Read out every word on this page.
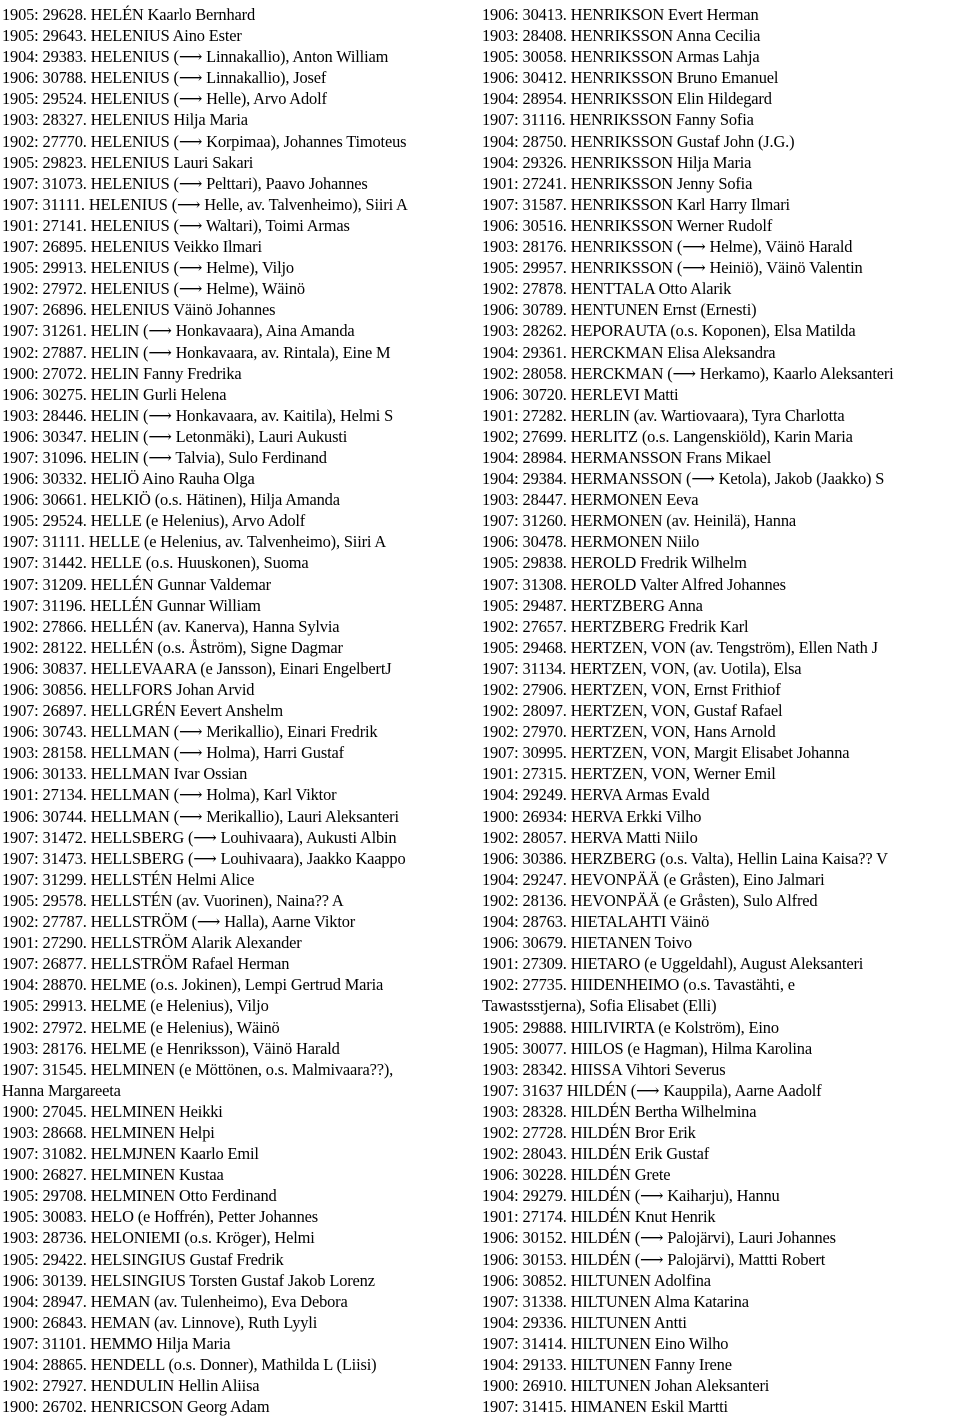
1905: 29628. HELÉN Kaarlo Bernhard
1905: 29643. HELENIUS Aino Ester
1904: 29383. HELENIUS (⟶ Linnakallio), Anton William
1906: 30788. HELENIUS (⟶ Linnakallio), Josef
1905: 29524. HELENIUS (⟶ Helle), Arvo Adolf
1903: 28327. HELENIUS Hilja Maria
1902: 27770. HELENIUS (⟶ Korpimaa), Johannes Timoteus
1905: 29823. HELENIUS Lauri Sakari
1907: 31073. HELENIUS (⟶ Pelttari), Paavo Johannes
1907: 31111. HELENIUS (⟶ Helle, av. Talvenheimo), Siiri A
1901: 27141. HELENIUS (⟶ Waltari), Toimi Armas
1907: 26895. HELENIUS Veikko Ilmari
1905: 29913. HELENIUS (⟶ Helme), Viljo
1902: 27972. HELENIUS (⟶ Helme), Wäinö
1907: 26896. HELENIUS Väinö Johannes
1907: 31261. HELIN (⟶ Honkavaara), Aina Amanda
1902: 27887. HELIN (⟶ Honkavaara, av. Rintala), Eine M
1900: 27072. HELIN Fanny Fredrika
1906: 30275. HELIN Gurli Helena
1903: 28446. HELIN (⟶ Honkavaara, av. Kaitila), Helmi S
1906: 30347. HELIN (⟶ Letonmäki), Lauri Aukusti
1907: 31096. HELIN (⟶ Talvia), Sulo Ferdinand
1906: 30332. HELIÖ Aino Rauha Olga
1906: 30661. HELKIÖ (o.s. Hätinen), Hilja Amanda
1905: 29524. HELLE (e Helenius), Arvo Adolf
1907: 31111. HELLE (e Helenius, av. Talvenheimo), Siiri A
1907: 31442. HELLE (o.s. Huuskonen), Suoma
1907: 31209. HELLÉN Gunnar Valdemar
1907: 31196. HELLÉN Gunnar William
1902: 27866. HELLÉN (av. Kanerva), Hanna Sylvia
1902: 28122. HELLÉN (o.s. Åström), Signe Dagmar
1906: 30837. HELLEVAARA (e Jansson), Einari EngelbertJ
1906: 30856. HELLFORS Johan Arvid
1907: 26897. HELLGRÉN Eevert Anshelm
1906: 30743. HELLMAN (⟶ Merikallio), Einari Fredrik
1903: 28158. HELLMAN (⟶ Holma), Harri Gustaf
1906: 30133. HELLMAN Ivar Ossian
1901: 27134. HELLMAN (⟶ Holma), Karl Viktor
1906: 30744. HELLMAN (⟶ Merikallio), Lauri Aleksanteri
1907: 31472. HELLSBERG (⟶ Louhivaara), Aukusti Albin
1907: 31473. HELLSBERG (⟶ Louhivaara), Jaakko Kaappo
1907: 31299. HELLSTÉN Helmi Alice
1905: 29578. HELLSTÉN (av. Vuorinen), Naina?? A
1902: 27787. HELLSTRÖM (⟶ Halla), Aarne Viktor
1901: 27290. HELLSTRÖM Alarik Alexander
1907: 26877. HELLSTRÖM Rafael Herman
1904: 28870. HELME (o.s. Jokinen), Lempi Gertrud Maria
1905: 29913. HELME (e Helenius), Viljo
1902: 27972. HELME (e Helenius), Wäinö
1903: 28176. HELME (e Henriksson), Väinö Harald
1907: 31545. HELMINEN (e Möttönen, o.s. Malmivaara??),
Hanna Margareeta
1900: 27045. HELMINEN Heikki
1903: 28668. HELMINEN Helpi
1907: 31082. HELMJNEN Kaarlo Emil
1900: 26827. HELMINEN Kustaa
1905: 29708. HELMINEN Otto Ferdinand
1905: 30083. HELO (e Hoffrén), Petter Johannes
1903: 28736. HELONIEMI (o.s. Kröger), Helmi
1905: 29422. HELSINGIUS Gustaf Fredrik
1906: 30139. HELSINGIUS Torsten Gustaf Jakob Lorenz
1904: 28947. HEMAN (av. Tulenheimo), Eva Debora
1900: 26843. HEMAN (av. Linnove), Ruth Lyyli
1907: 31101. HEMMO Hilja Maria
1904: 28865. HENDELL (o.s. Donner), Mathilda L (Liisi)
1902: 27927. HENDULIN Hellin Aliisa
1900: 26702. HENRICSON Georg Adam
1906: 30413. HENRIKSON Evert Herman
1903: 28408. HENRIKSSON Anna Cecilia
1905: 30058. HENRIKSSON Armas Lahja
1906: 30412. HENRIKSSON Bruno Emanuel
1904: 28954. HENRIKSSON Elin Hildegard
1907: 31116. HENRIKSSON Fanny Sofia
1904: 28750. HENRIKSSON Gustaf John (J.G.)
1904: 29326. HENRIKSSON Hilja Maria
1901: 27241. HENRIKSSON Jenny Sofia
1907: 31587. HENRIKSSON Karl Harry Ilmari
1906: 30516. HENRIKSSON Werner Rudolf
1903: 28176. HENRIKSSON (⟶ Helme), Väinö Harald
1905: 29957. HENRIKSSON (⟶ Heiniö), Väinö Valentin
1902: 27878. HENTTALA Otto Alarik
1906: 30789. HENTUNEN Ernst (Ernesti)
1903: 28262. HEPORAUTA (o.s. Koponen), Elsa Matilda
1904: 29361. HERCKMAN Elisa Aleksandra
1902: 28058. HERCKMAN (⟶ Herkamo), Kaarlo Aleksanteri
1906: 30720. HERLEVI Matti
1901: 27282. HERLIN (av. Wartiovaara), Tyra Charlotta
1902; 27699. HERLITZ (o.s. Langenskiöld), Karin Maria
1904: 28984. HERMANSSON Frans Mikael
1904: 29384. HERMANSSON (⟶ Ketola), Jakob (Jaakko) S
1903: 28447. HERMONEN Eeva
1907: 31260. HERMONEN (av. Heinilä), Hanna
1906: 30478. HERMONEN Niilo
1905: 29838. HEROLD Fredrik Wilhelm
1907: 31308. HEROLD Valter Alfred Johannes
1905: 29487. HERTZBERG Anna
1902: 27657. HERTZBERG Fredrik Karl
1905: 29468. HERTZEN, VON (av. Tengström), Ellen Nath J
1907: 31134. HERTZEN, VON, (av. Uotila), Elsa
1902: 27906. HERTZEN, VON, Ernst Frithiof
1902: 28097. HERTZEN, VON, Gustaf Rafael
1902: 27970. HERTZEN, VON, Hans Arnold
1907: 30995. HERTZEN, VON, Margit Elisabet Johanna
1901: 27315. HERTZEN, VON, Werner Emil
1904: 29249. HERVA Armas Evald
1900: 26934: HERVA Erkki Vilho
1902: 28057. HERVA Matti Niilo
1906: 30386. HERZBERG (o.s. Valta), Hellin Laina Kaisa?? V
1904: 29247. HEVONPÄÄ (e Gråsten), Eino Jalmari
1902: 28136. HEVONPÄÄ (e Gråsten), Sulo Alfred
1904: 28763. HIETALAHTI Väinö
1906: 30679. HIETANEN Toivo
1901: 27309. HIETARO (e Uggeldahl), August Aleksanteri
1902: 27735. HIIDENHEIMO (o.s. Tavastähti, e
Tawastsstjerna), Sofia Elisabet (Elli)
1905: 29888. HIILIVIRTA (e Kolström), Eino
1905: 30077. HIILOS (e Hagman), Hilma Karolina
1903: 28342. HIISSA Vihtori Severus
1907: 31637 HILDÉN (⟶ Kauppila), Aarne Aadolf
1903: 28328. HILDÉN Bertha Wilhelmina
1902: 27728. HILDÉN Bror Erik
1902: 28043. HILDÉN Erik Gustaf
1906: 30228. HILDÉN Grete
1904: 29279. HILDÉN (⟶ Kaiharju), Hannu
1901: 27174. HILDÉN Knut Henrik
1906: 30152. HILDÉN (⟶ Palojärvi), Lauri Johannes
1906: 30153. HILDÉN (⟶ Palojärvi), Mattti Robert
1906: 30852. HILTUNEN Adolfina
1907: 31338. HILTUNEN Alma Katarina
1904: 29336. HILTUNEN Antti
1907: 31414. HILTUNEN Eino Wilho
1904: 29133. HILTUNEN Fanny Irene
1900: 26910. HILTUNEN Johan Aleksanteri
1907: 31415. HIMANEN Eskil Martti
